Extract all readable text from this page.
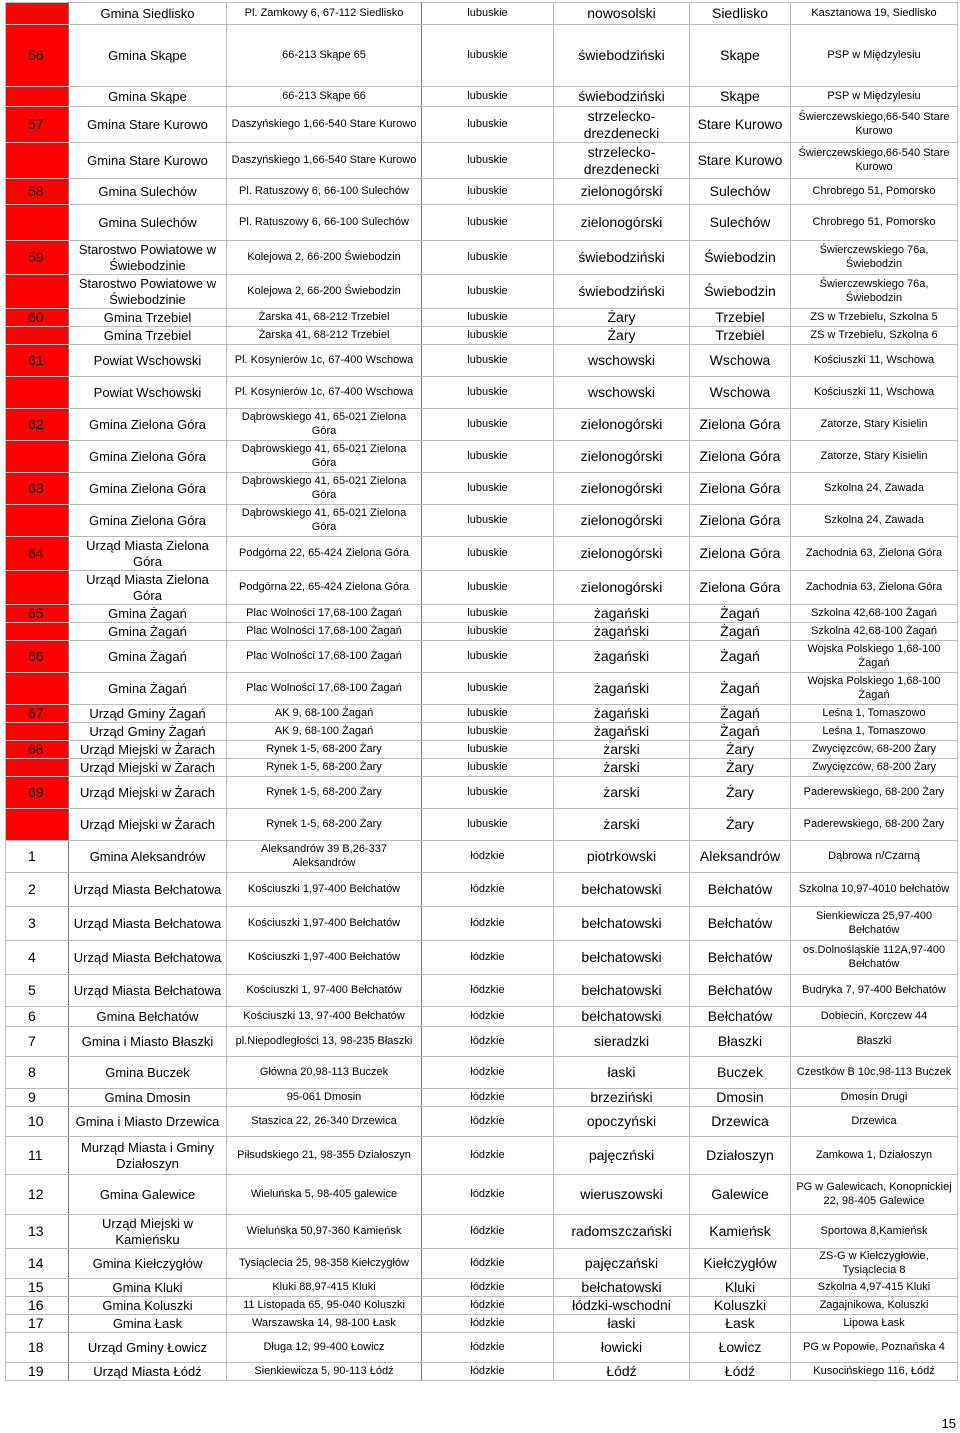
	Gmina Siedlisko	Pl. Zamkowy 6, 67-112 Siedlisko	lubuskie	nowosolski	Siedlisko	Kasztanowa 19, Siedlisko
56	Gmina Skąpe	66-213 Skąpe 65	lubuskie	świebodziński	Skąpe	PSP w Międzylesiu
	Gmina Skąpe	66-213 Skąpe 66	lubuskie	świebodziński	Skąpe	PSP w Międzylesiu
57	Gmina Stare Kurowo	Daszyńskiego 1,66-540 Stare Kurowo	lubuskie	strzelecko-drezdenecki	Stare Kurowo	Świerczewskiego,66-540 Stare Kurowo
	Gmina Stare Kurowo	Daszyńskiego 1,66-540 Stare Kurowo	lubuskie	strzelecko-drezdenecki	Stare Kurowo	Świerczewskiego,66-540 Stare Kurowo
58	Gmina Sulechów	Pl. Ratuszowy 6, 66-100 Sulechów	lubuskie	zielonogórski	Sulechów	Chrobrego 51, Pomorsko
	Gmina Sulechów	Pl. Ratuszowy 6, 66-100 Sulechów	lubuskie	zielonogórski	Sulechów	Chrobrego 51, Pomorsko
59	Starostwo Powiatowe w Świebodzinie	Kolejowa 2, 66-200 Świebodzin	lubuskie	świebodziński	Świebodzin	Świerczewskiego 76a, Świebodzin
	Starostwo Powiatowe w Świebodzinie	Kolejowa 2, 66-200 Świebodzin	lubuskie	świebodziński	Świebodzin	Świerczewskiego 76a, Świebodzin
60	Gmina Trzebiel	Żarska 41, 68-212 Trzebiel	lubuskie	Żary	Trzebiel	ZS w Trzebielu, Szkolna 5
	Gmina Trzebiel	Żarska 41, 68-212 Trzebiel	lubuskie	Żary	Trzebiel	ZS w Trzebielu, Szkolna 6
61	Powiat Wschowski	Pl. Kosynierów 1c, 67-400 Wschowa	lubuskie	wschowski	Wschowa	Kościuszki 11, Wschowa
	Powiat Wschowski	Pl. Kosynierów 1c, 67-400 Wschowa	lubuskie	wschowski	Wschowa	Kościuszki 11, Wschowa
62	Gmina Zielona Góra	Dąbrowskiego 41, 65-021 Zielona Góra	lubuskie	zielonogórski	Zielona Góra	Zatorze, Stary Kisielin
	Gmina Zielona Góra	Dąbrowskiego 41, 65-021 Zielona Góra	lubuskie	zielonogórski	Zielona Góra	Zatorze, Stary Kisielin
63	Gmina Zielona Góra	Dąbrowskiego 41, 65-021 Zielona Góra	lubuskie	zielonogórski	Zielona Góra	Szkolna 24, Zawada
	Gmina Zielona Góra	Dąbrowskiego 41, 65-021 Zielona Góra	lubuskie	zielonogórski	Zielona Góra	Szkolna 24, Zawada
64	Urząd Miasta Zielona Góra	Podgórna 22, 65-424 Zielona Góra	lubuskie	zielonogórski	Zielona Góra	Zachodnia 63, Zielona Góra
	Urząd Miasta Zielona Góra	Podgórna 22, 65-424 Zielona Góra	lubuskie	zielonogórski	Zielona Góra	Zachodnia 63, Zielona Góra
65	Gmina Żagań	Plac Wolności 17,68-100 Żagań	lubuskie	żagański	Żagań	Szkolna 42,68-100 Żagań
	Gmina Żagań	Plac Wolności 17,68-100 Żagań	lubuskie	żagański	Żagań	Szkolna 42,68-100 Żagań
66	Gmina Żagań	Plac Wolności 17,68-100 Żagań	lubuskie	żagański	Żagań	Wojska Polskiego 1,68-100 Żagań
	Gmina Żagań	Plac Wolności 17,68-100 Żagań	lubuskie	żagański	Żagań	Wojska Polskiego 1,68-100 Żagań
67	Urząd Gminy Żagań	AK 9, 68-100 Żagań	lubuskie	żagański	Żagań	Leśna 1, Tomaszowo
	Urząd Gminy Żagań	AK 9, 68-100 Żagań	lubuskie	żagański	Żagań	Leśna 1, Tomaszowo
68	Urząd Miejski w Żarach	Rynek 1-5, 68-200 Żary	lubuskie	żarski	Żary	Zwycięzców, 68-200 Żary
	Urząd Miejski w Żarach	Rynek 1-5, 68-200 Żary	lubuskie	żarski	Żary	Zwycięzców, 68-200 Żary
69	Urząd Miejski w Żarach	Rynek 1-5, 68-200 Żary	lubuskie	żarski	Żary	Paderewskiego, 68-200 Żary
	Urząd Miejski w Żarach	Rynek 1-5, 68-200 Żary	lubuskie	żarski	Żary	Paderewskiego, 68-200 Żary
1	Gmina Aleksandrów	Aleksandrów 39 B,26-337 Aleksandrów	łódzkie	piotrkowski	Aleksandrów	Dąbrowa n/Czarną
2	Urząd Miasta Bełchatowa	Kościuszki 1,97-400 Bełchatów	łódzkie	bełchatowski	Bełchatów	Szkolna 10,97-4010 bełchatów
3	Urząd Miasta Bełchatowa	Kościuszki 1,97-400 Bełchatów	łódzkie	bełchatowski	Bełchatów	Sienkiewicza 25,97-400 Bełchatów
4	Urząd Miasta Bełchatowa	Kościuszki 1,97-400 Bełchatów	łódzkie	bełchatowski	Bełchatów	os.Dolnośląskie 112A,97-400 Bełchatów
5	Urząd Miasta Bełchatowa	Kościuszki 1, 97-400 Bełchatów	łódzkie	bełchatowski	Bełchatów	Budryka 7, 97-400 Bełchatów
6	Gmina Bełchatów	Kościuszki 13, 97-400 Bełchatów	łódzkie	bełchatowski	Bełchatów	Dobiecin, Korczew 44
7	Gmina i Miasto Błaszki	pl.Niepodległości 13, 98-235 Błaszki	łódzkie	sieradzki	Błaszki	Błaszki
8	Gmina Buczek	Główna 20,98-113 Buczek	łódzkie	łaski	Buczek	Czestków B 10c,98-113 Buczek
9	Gmina Dmosin	95-061 Dmosin	łódzkie	brzeziński	Dmosin	Dmosin Drugi
10	Gmina i Miasto Drzewica	Staszica 22, 26-340 Drzewica	łódzkie	opoczyński	Drzewica	Drzewica
11	Murząd Miasta i Gminy Działoszyn	Piłsudskiego 21, 98-355 Działoszyn	łódzkie	pajęczński	Działoszyn	Zamkowa 1, Działoszyn
12	Gmina Galewice	Wieluńska 5, 98-405 galewice	łódzkie	wieruszowski	Galewice	PG w Galewicach, Konopnickiej 22, 98-405 Galewice
13	Urząd Miejski w Kamieńsku	Wieluńska 50,97-360 Kamieńsk	łódzkie	radomszczański	Kamieńsk	Sportowa 8,Kamieńsk
14	Gmina Kiełczygłów	Tysiąclecia 25, 98-358 Kiełczygłów	łódzkie	pajęczański	Kiełczygłów	ZS-G w Kiełczygłowie, Tysiąclecia 8
15	Gmina Kluki	Kluki 88,97-415 Kluki	łódzkie	bełchatowski	Kluki	Szkolna 4,97-415 Kluki
16	Gmina Koluszki	11 Listopada 65, 95-040 Koluszki	łódzkie	łódzki-wschodni	Koluszki	Zagajnikowa, Koluszki
17	Gmina Łask	Warszawska 14, 98-100 Łask	łódzkie	łaski	Łask	Lipowa Łask
18	Urząd Gminy Łowicz	Długa 12, 99-400 Łowicz	łódzkie	łowicki	Łowicz	PG w Popowie, Poznańska 4
19	Urząd Miasta Łódź	Sienkiewicza 5, 90-113 Łódź	łódzkie	Łódź	Łódź	Kusocińskiego 116, Łódź
15
